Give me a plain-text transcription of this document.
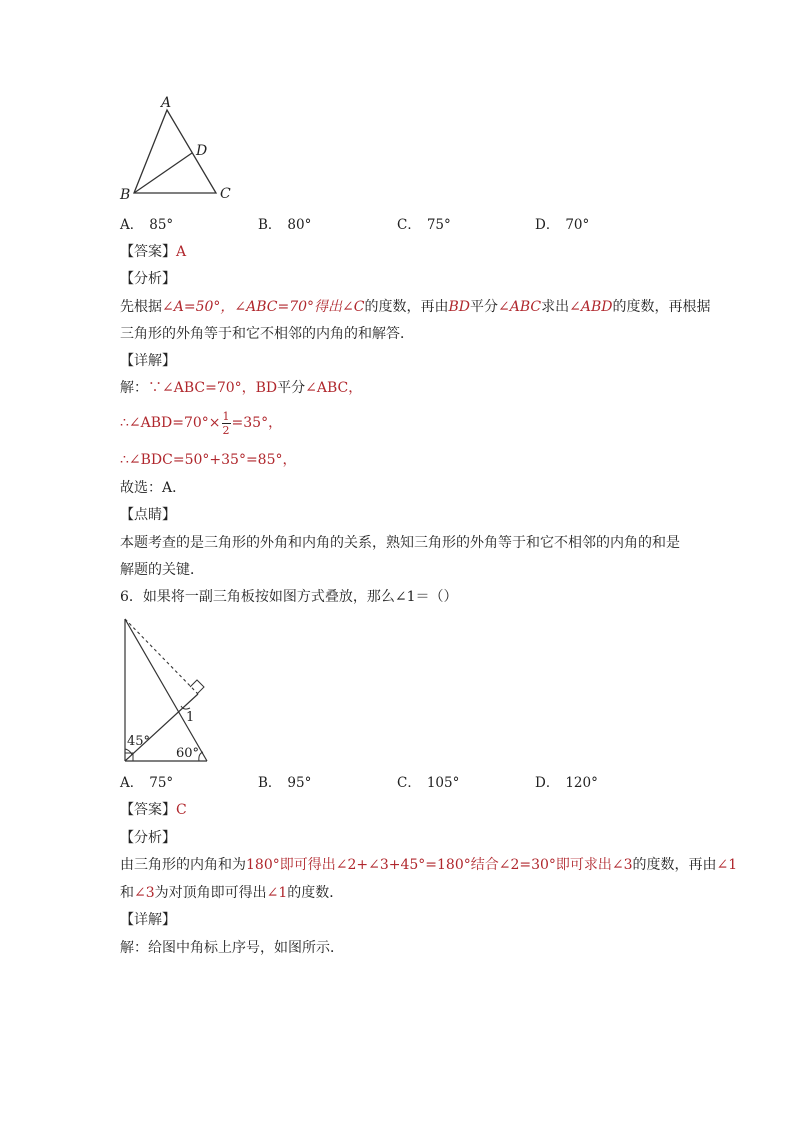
A
B	C
D
A． 85°	B． 80°	C． 75°	D． 70°
【答案】A
【分析】
先根据∠A=50°，∠ABC=70°得出∠C的度数，再由BD平分∠ABC求出∠ABD的度数，再根据
三角形的外角等于和它不相邻的内角的和解答．
【详解】
解：∵∠ABC=70°，BD平分∠ABC，
∴∠ABD=70°× $\frac{1}{2} =35^\circ$，
∴∠BDC=50°+35°=85°，
故选：A．
【点睛】
本题考查的是三角形的外角和内角的关系，熟知三角形的外角等于和它不相邻的内角的和是
解题的关键．
6．如果将一副三角板按如图方式叠放，那么∠1＝（）
45°
60°
1
A． 75°	B． 95°	C． 105°	D． 120°
【答案】C
【分析】
由三角形的内角和为180°即可得出∠2+∠3+45°=180°结合∠2=30°即可求出∠3的度数，再由∠1
和∠3为对顶角即可得出∠1的度数．
【详解】
解：给图中角标上序号，如图所示．
